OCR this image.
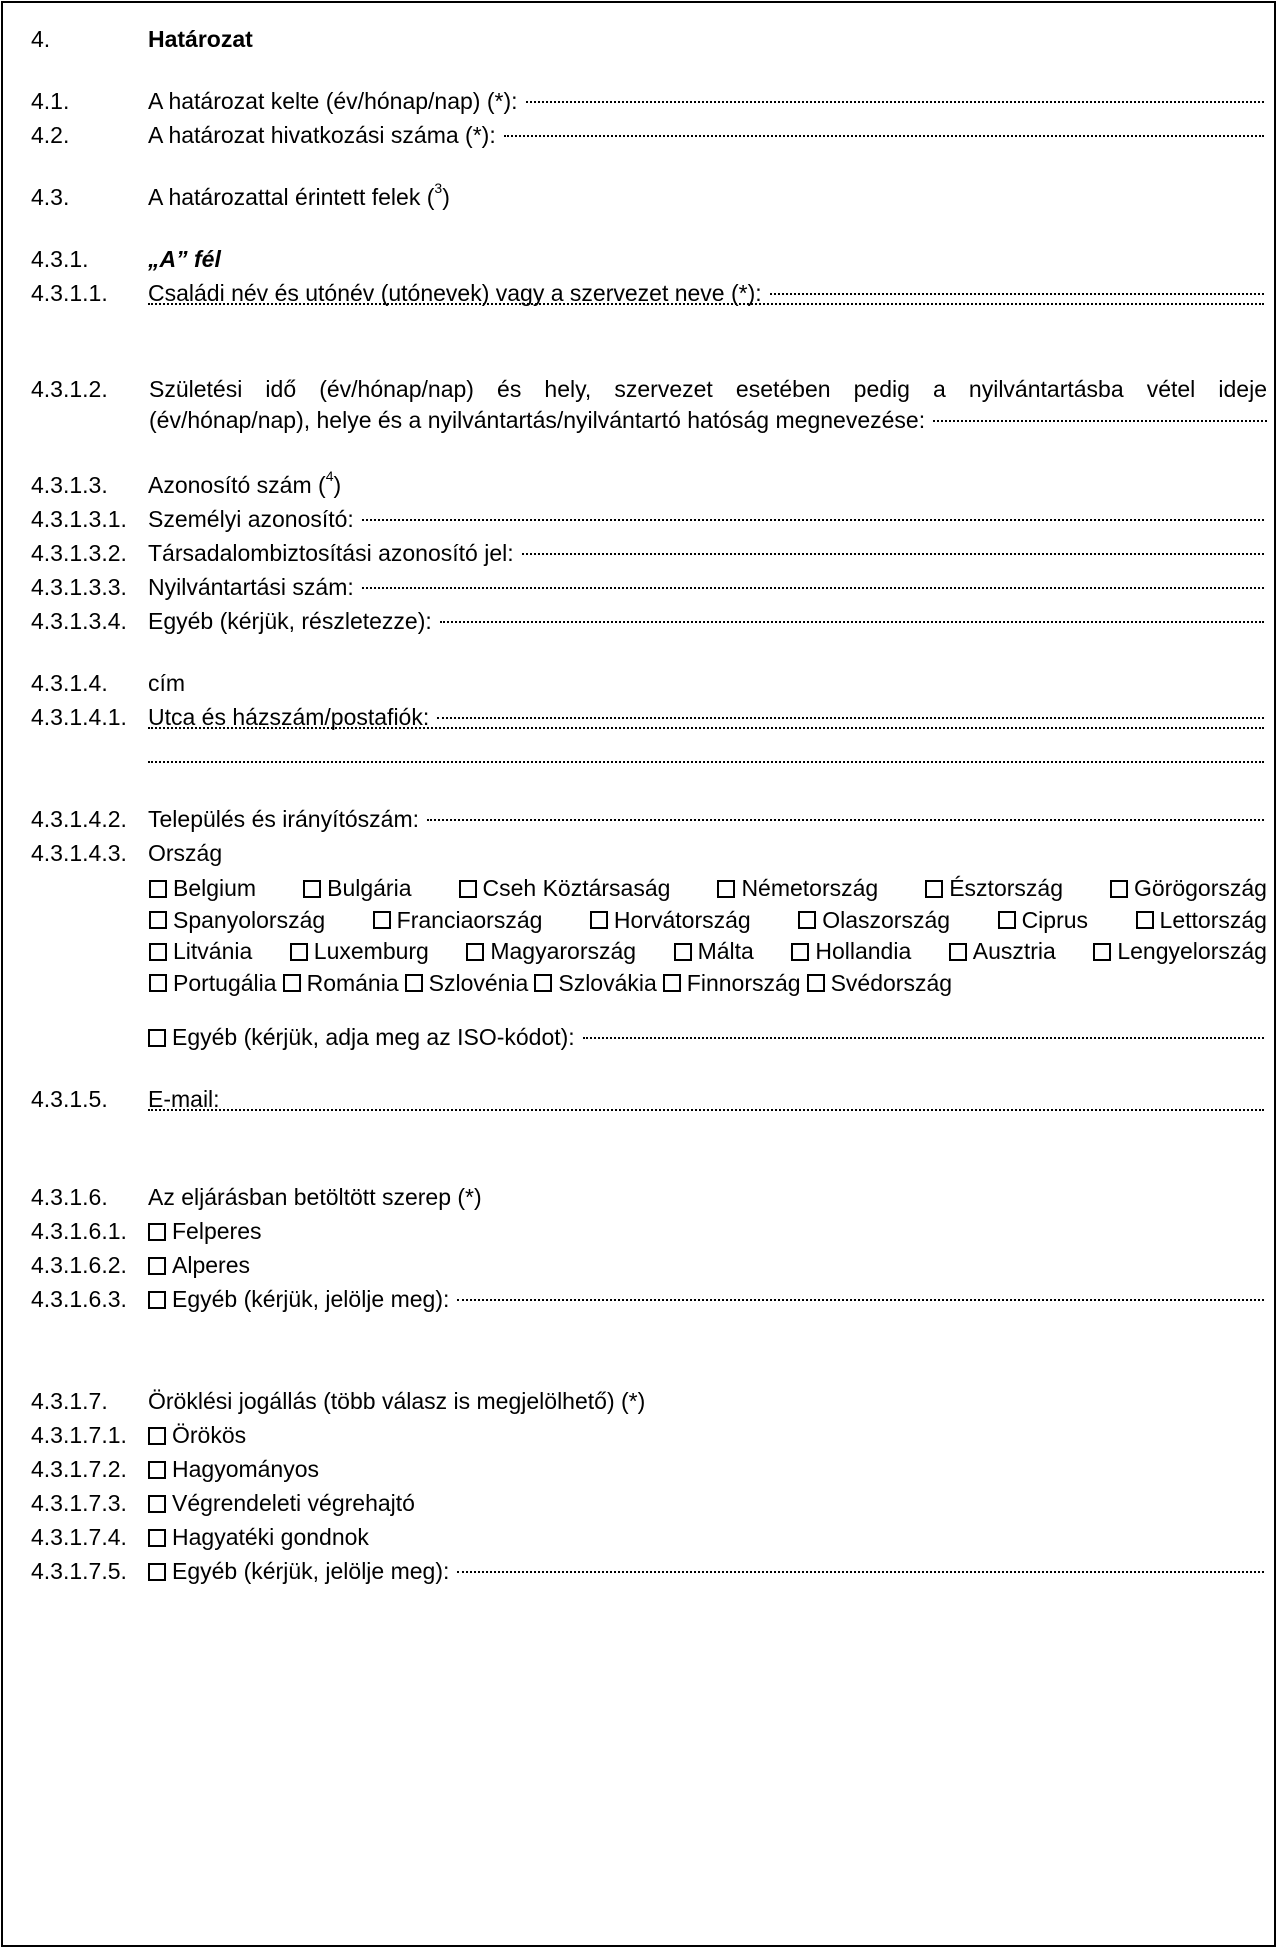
4.	Határozat
4.1.	A határozat kelte (év/hónap/nap) (*):
4.2.	A határozat hivatkozási száma (*):
4.3.	A határozattal érintett felek ($^3$)
4.3.1.	„A” fél
4.3.1.1. Családi név és utónév (utónevek) vagy a szervezet neve (*):
4.3.1.2. Születési idő (év/hónap/nap) és hely, szervezet esetében pedig a nyilvántartásba vétel ideje
(év/hónap/nap), helye és a nyilvántartás/nyilvántartó hatóság megnevezése:
4.3.1.3. Azonosító szám ($^4$)
4.3.1.3.1. Személyi azonosító:
4.3.1.3.2. Társadalombiztosítási azonosító jel:
4.3.1.3.3. Nyilvántartási szám:
4.3.1.3.4. Egyéb (kérjük, részletezze):
4.3.1.4. cím
4.3.1.4.1. Utca és házszám/postafiók:
4.3.1.4.2. Település és irányítószám:
4.3.1.4.3. Ország
Belgium	Bulgária	Cseh Köztársaság	Németország	Észtország	Görögország
Spanyolország	Franciaország	Horvátország	Olaszország	Ciprus	Lettország
Litvánia	Luxemburg	Magyarország	Málta	Hollandia	Ausztria	Lengyelország
Portugália Románia Szlovénia Szlovákia Finnország Svédország
Egyéb (kérjük, adja meg az ISO-kódot):
4.3.1.5. E-mail:
4.3.1.6. Az eljárásban betöltött szerep (*)
4.3.1.6.1.	Felperes
4.3.1.6.2.	Alperes
4.3.1.6.3.	Egyéb (kérjük, jelölje meg):
4.3.1.7. Öröklési jogállás (több válasz is megjelölhető) (*)
4.3.1.7.1.	Örökös
4.3.1.7.2.	Hagyományos
4.3.1.7.3.	Végrendeleti végrehajtó
4.3.1.7.4.	Hagyatéki gondnok
4.3.1.7.5.	Egyéb (kérjük, jelölje meg):
